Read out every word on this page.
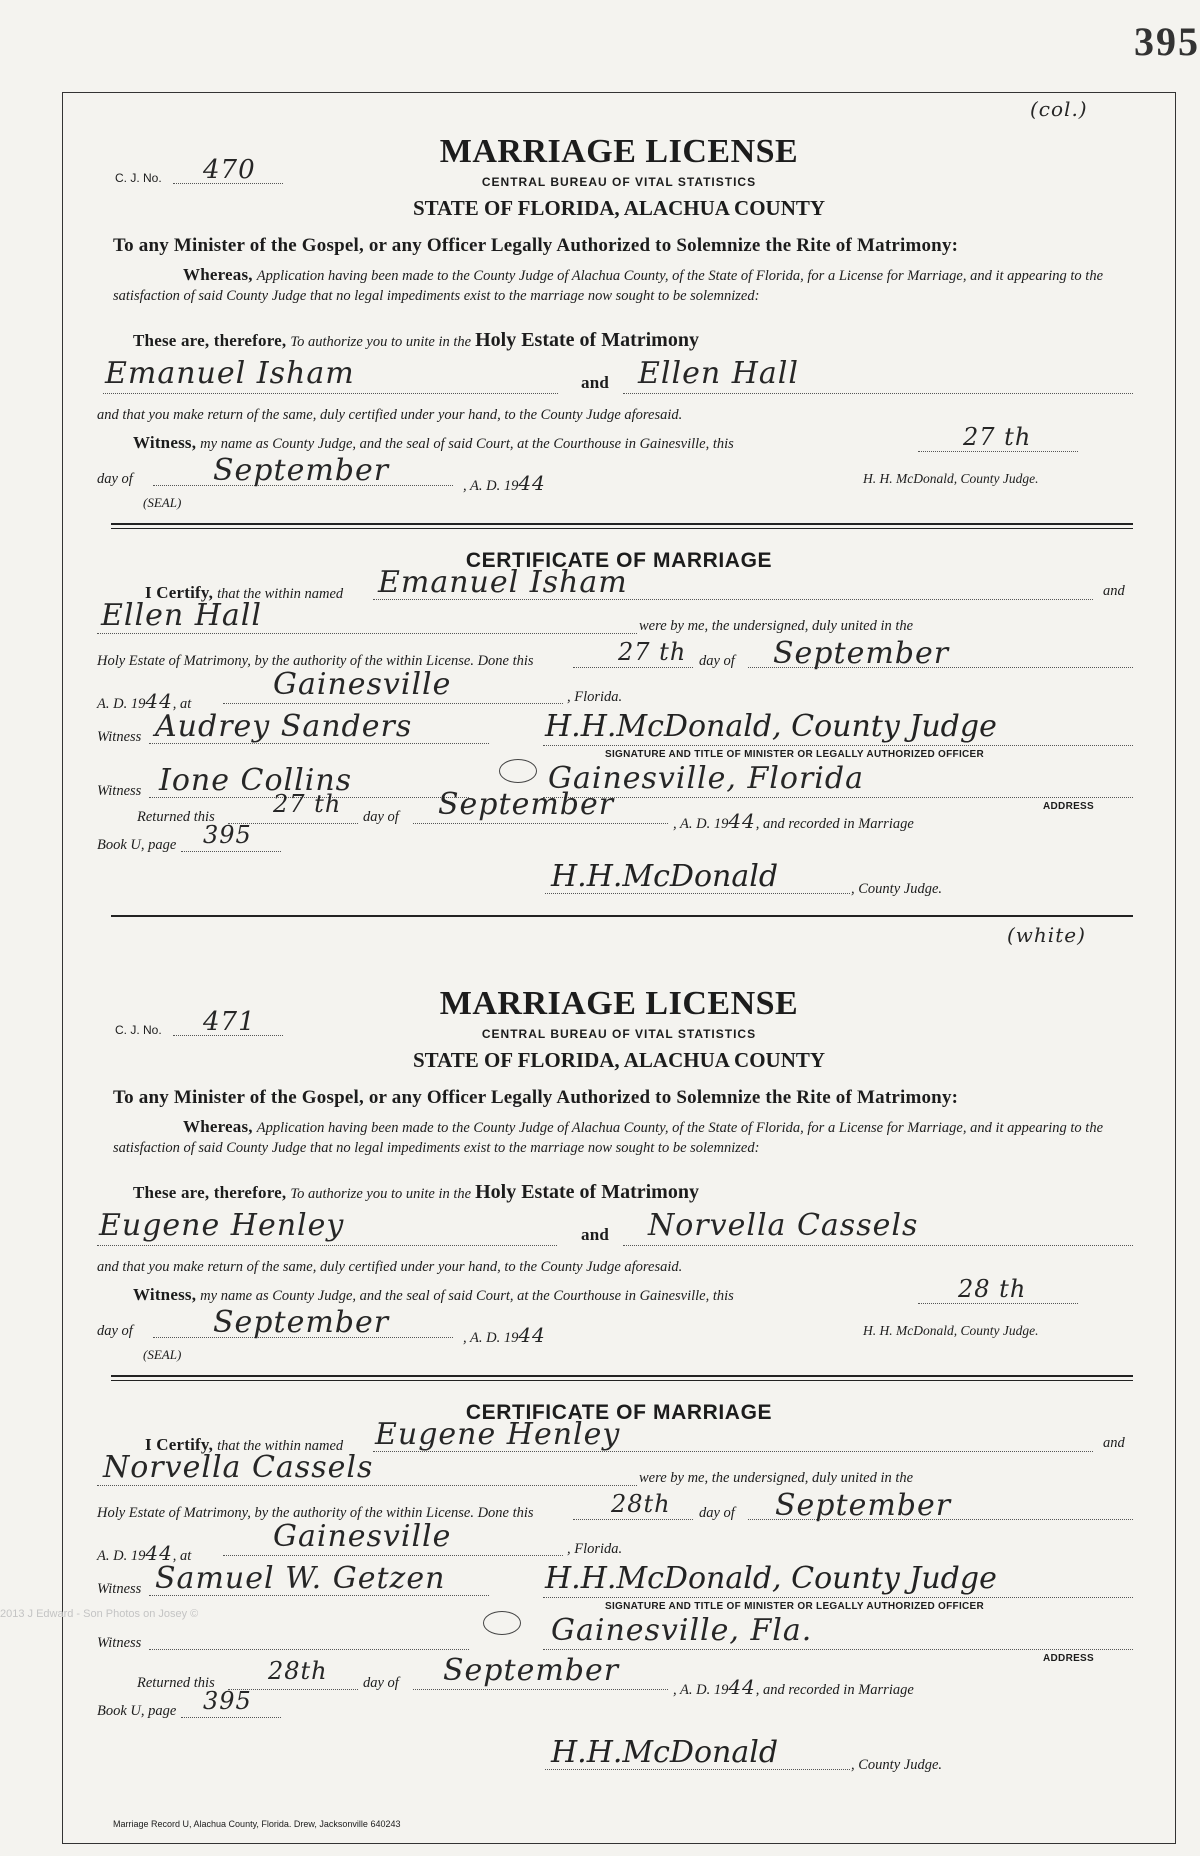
395
(col.)
C. J. No. 470	MARRIAGE LICENSE
CENTRAL BUREAU OF VITAL STATISTICS
STATE OF FLORIDA, ALACHUA COUNTY
To any Minister of the Gospel, or any Officer Legally Authorized to Solemnize the Rite of Matrimony:
Whereas, Application having been made to the County Judge of Alachua County, of the State of Florida, for a License for Marriage, and it appearing to the satisfaction of said County Judge that no legal impediments exist to the marriage now sought to be solemnized:
These are, therefore, To authorize you to unite in the Holy Estate of Matrimony
Emanuel Isham	and Ellen Hall
and that you make return of the same, duly certified under your hand, to the County Judge aforesaid.
Witness, my name as County Judge, and the seal of said Court, at the Courthouse in Gainesville, this	27 th
day of	September	, A. D. 1944	H. H. McDonald, County Judge.
(SEAL)
CERTIFICATE OF MARRIAGE
I Certify, that the within named Emanuel Isham	and
Ellen Hall	were by me, the undersigned, duly united in the
Holy Estate of Matrimony, by the authority of the within License. Done this	27 th day of September
A. D. 1944, at
Gainesville	, Florida.
Witness Audrey Sanders	H.H.McDonald, County Judge
SIGNATURE AND TITLE OF MINISTER OR LEGALLY AUTHORIZED OFFICER
Witness Ione Collins	Gainesville, Florida
ADDRESS
Returned this 27 th day of September
, A. D. 1944, and recorded in Marriage
Book U, page 395
H.H.McDonald	, County Judge.
(white)
C. J. No. 471	MARRIAGE LICENSE
CENTRAL BUREAU OF VITAL STATISTICS
STATE OF FLORIDA, ALACHUA COUNTY
To any Minister of the Gospel, or any Officer Legally Authorized to Solemnize the Rite of Matrimony:
Whereas, Application having been made to the County Judge of Alachua County, of the State of Florida, for a License for Marriage, and it appearing to the satisfaction of said County Judge that no legal impediments exist to the marriage now sought to be solemnized:
These are, therefore, To authorize you to unite in the Holy Estate of Matrimony
Eugene Henley	and Norvella Cassels
and that you make return of the same, duly certified under your hand, to the County Judge aforesaid.
Witness, my name as County Judge, and the seal of said Court, at the Courthouse in Gainesville, this	28 th
day of	September	, A. D. 1944	H. H. McDonald, County Judge.
(SEAL)
CERTIFICATE OF MARRIAGE
I Certify, that the within named Eugene Henley	and
Norvella Cassels	were by me, the undersigned, duly united in the
Holy Estate of Matrimony, by the authority of the within License. Done this	28th day of September
A. D. 1944, at
Gainesville	, Florida.
Witness Samuel W. Getzen	H.H.McDonald, County Judge
SIGNATURE AND TITLE OF MINISTER OR LEGALLY AUTHORIZED OFFICER
Witness	Gainesville, Fla.
ADDRESS
Returned this 28th day of September
, A. D. 1944, and recorded in Marriage
Book U, page 395
H.H.McDonald	, County Judge.
Marriage Record U, Alachua County, Florida. Drew, Jacksonville 640243
2013 J Edward - Son Photos on Josey ©
